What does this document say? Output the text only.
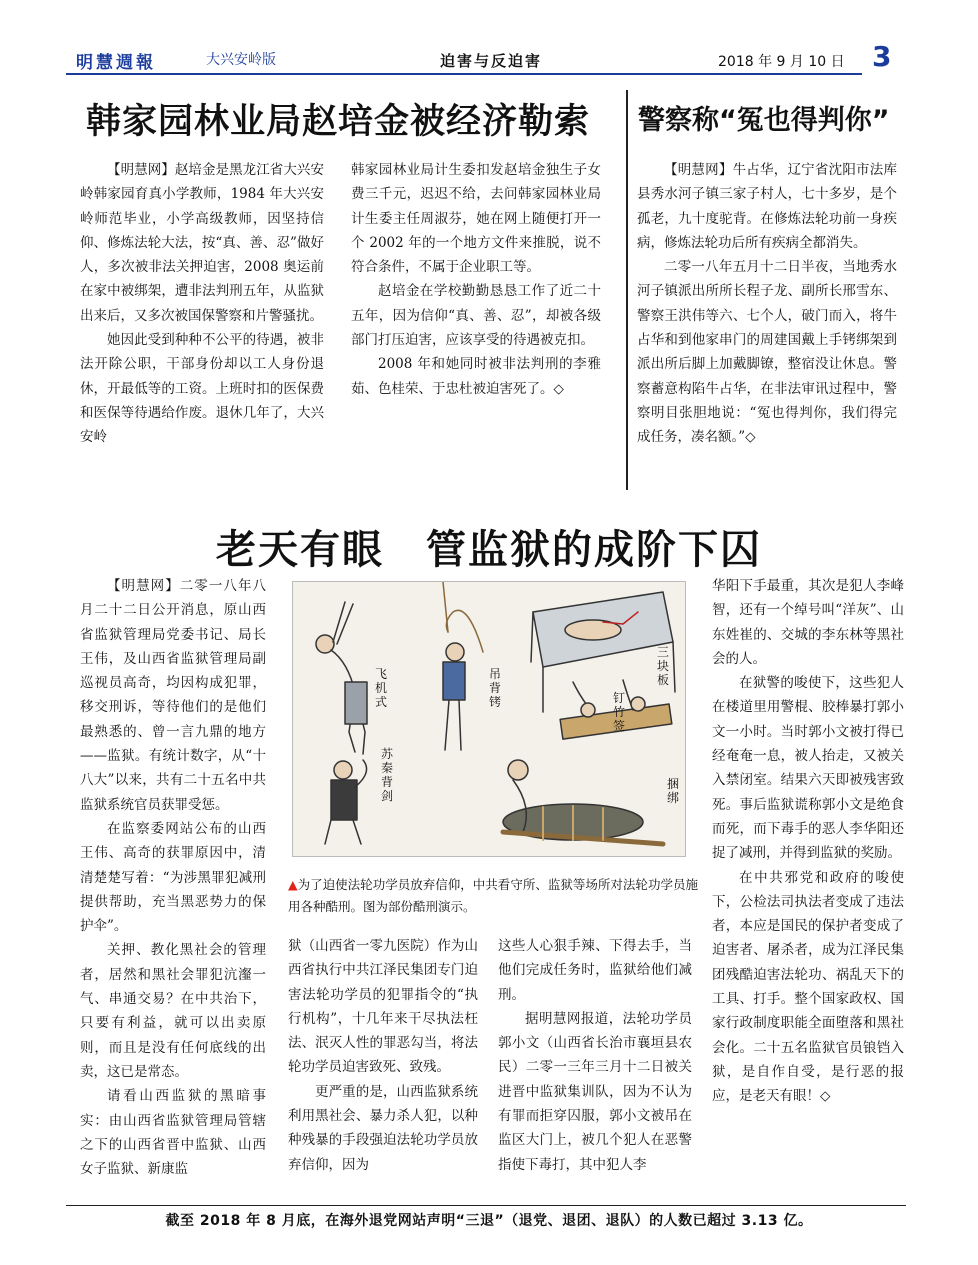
明慧週報	大兴安岭版	迫害与反迫害	2018 年 9 月 10 日 3
韩家园林业局赵培金被经济勒索

【明慧网】赵培金是黑龙江省大兴安岭韩家园育真小学教师，1984 年大兴安岭师范毕业，小学高级教师，因坚持信仰、修炼法轮大法，按“真、善、忍”做好人，多次被非法关押迫害，2008 奥运前在家中被绑架，遭非法判刑五年，从监狱出来后，又多次被国保警察和片警骚扰。

她因此受到种种不公平的待遇，被非法开除公职，干部身份却以工人身份退休，开最低等的工资。上班时扣的医保费和医保等待遇给作废。退休几年了，大兴安岭

韩家园林业局计生委扣发赵培金独生子女费三千元，迟迟不给，去问韩家园林业局计生委主任周淑芬，她在网上随便打开一个 2002 年的一个地方文件来推脱，说不符合条件，不属于企业职工等。

赵培金在学校勤勤恳恳工作了近二十五年，因为信仰“真、善、忍”，却被各级部门打压迫害，应该享受的待遇被克扣。

2008 年和她同时被非法判刑的李雅茹、色桂荣、于忠杜被迫害死了。◇

警察称“冤也得判你”

【明慧网】牛占华，辽宁省沈阳市法库县秀水河子镇三家子村人，七十多岁，是个孤老，九十度驼背。在修炼法轮功前一身疾病，修炼法轮功后所有疾病全都消失。

二零一八年五月十二日半夜，当地秀水河子镇派出所所长程子龙、副所长邢雪东、警察王洪伟等六、七个人，破门而入，将牛占华和到他家串门的周建国戴上手铐绑架到派出所后脚上加戴脚镣，整宿没让休息。警察蓄意构陷牛占华，在非法审讯过程中，警察明目张胆地说：“冤也得判你，我们得完成任务，凑名额。”◇

老天有眼　管监狱的成阶下囚

【明慧网】二零一八年八月二十二日公开消息，原山西省监狱管理局党委书记、局长王伟，及山西省监狱管理局副巡视员高奇，均因构成犯罪，移交刑诉，等待他们的是他们最熟悉的、曾一言九鼎的地方——监狱。有统计数字，从“十八大”以来，共有二十五名中共监狱系统官员获罪受惩。

在监察委网站公布的山西王伟、高奇的获罪原因中，清清楚楚写着：“为涉黑罪犯减刑提供帮助，充当黑恶势力的保护伞”。

关押、教化黑社会的管理者，居然和黑社会罪犯沆瀣一气、串通交易？在中共治下，只要有利益，就可以出卖原则，而且是没有任何底线的出卖，这已是常态。

请看山西监狱的黑暗事实：由山西省监狱管理局管辖之下的山西省晋中监狱、山西女子监狱、新康监

飞机式
吊背铐
三块板
钉竹签
苏秦背剑
捆绑
▲为了迫使法轮功学员放弃信仰，中共看守所、监狱等场所对法轮功学员施用各种酷刑。图为部份酷刑演示。

狱（山西省一零九医院）作为山西省执行中共江泽民集团专门迫害法轮功学员的犯罪指令的“执行机构”，十几年来干尽执法枉法、泯灭人性的罪恶勾当，将法轮功学员迫害致死、致残。

更严重的是，山西监狱系统利用黑社会、暴力杀人犯，以种种残暴的手段强迫法轮功学员放弃信仰，因为

这些人心狠手辣、下得去手，当他们完成任务时，监狱给他们减刑。

据明慧网报道，法轮功学员郭小文（山西省长治市襄垣县农民）二零一三年三月十二日被关进晋中监狱集训队，因为不认为有罪而拒穿囚服，郭小文被吊在监区大门上，被几个犯人在恶警指使下毒打，其中犯人李

华阳下手最重，其次是犯人李峰智，还有一个绰号叫“洋灰”、山东姓崔的、交城的李东林等黑社会的人。

在狱警的唆使下，这些犯人在楼道里用警棍、胶棒暴打郭小文一小时。当时郭小文被打得已经奄奄一息，被人抬走，又被关入禁闭室。结果六天即被残害致死。事后监狱谎称郭小文是绝食而死，而下毒手的恶人李华阳还捉了减刑，并得到监狱的奖励。

在中共邪党和政府的唆使下，公检法司执法者变成了违法者，本应是国民的保护者变成了迫害者、屠杀者，成为江泽民集团残酷迫害法轮功、祸乱天下的工具、打手。整个国家政权、国家行政制度职能全面堕落和黑社会化。二十五名监狱官员锒铛入狱，是自作自受，是行恶的报应，是老天有眼！◇

截至 2018 年 8 月底，在海外退党网站声明“三退”（退党、退团、退队）的人数已超过 3.13 亿。
